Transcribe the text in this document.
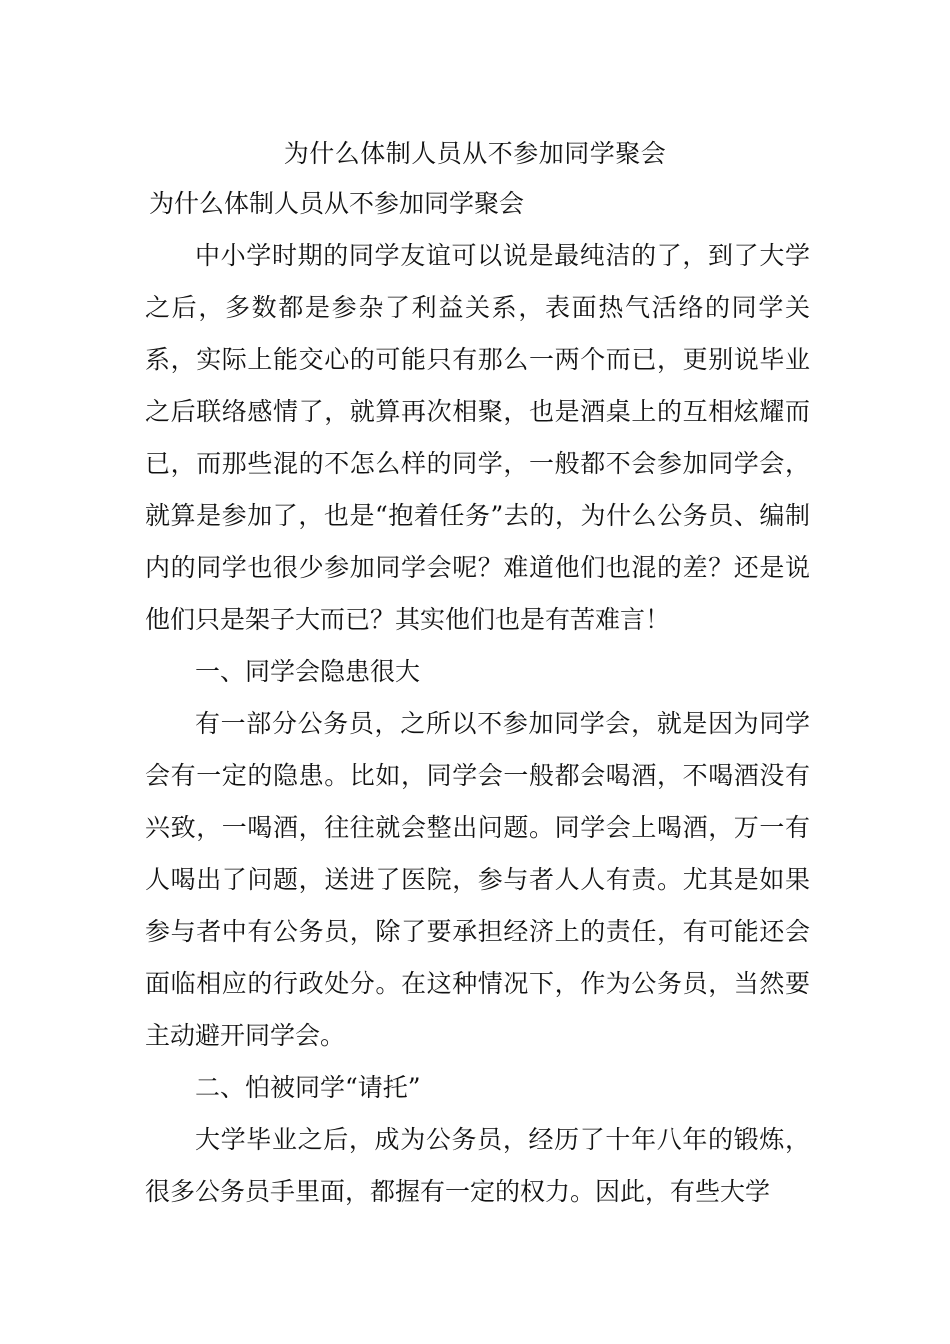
为什么体制人员从不参加同学聚会

为什么体制人员从不参加同学聚会

中小学时期的同学友谊可以说是最纯洁的了，到了大学之后，多数都是参杂了利益关系，表面热气活络的同学关系，实际上能交心的可能只有那么一两个而已，更别说毕业之后联络感情了，就算再次相聚，也是酒桌上的互相炫耀而已，而那些混的不怎么样的同学，一般都不会参加同学会，就算是参加了，也是“抱着任务”去的，为什么公务员、编制内的同学也很少参加同学会呢？难道他们也混的差？还是说他们只是架子大而已？其实他们也是有苦难言！

一、同学会隐患很大

有一部分公务员，之所以不参加同学会，就是因为同学会有一定的隐患。比如，同学会一般都会喝酒，不喝酒没有兴致，一喝酒，往往就会整出问题。同学会上喝酒，万一有人喝出了问题，送进了医院，参与者人人有责。尤其是如果参与者中有公务员，除了要承担经济上的责任，有可能还会面临相应的行政处分。在这种情况下，作为公务员，当然要主动避开同学会。

二、怕被同学“请托”

大学毕业之后，成为公务员，经历了十年八年的锻炼，很多公务员手里面，都握有一定的权力。因此，有些大学
